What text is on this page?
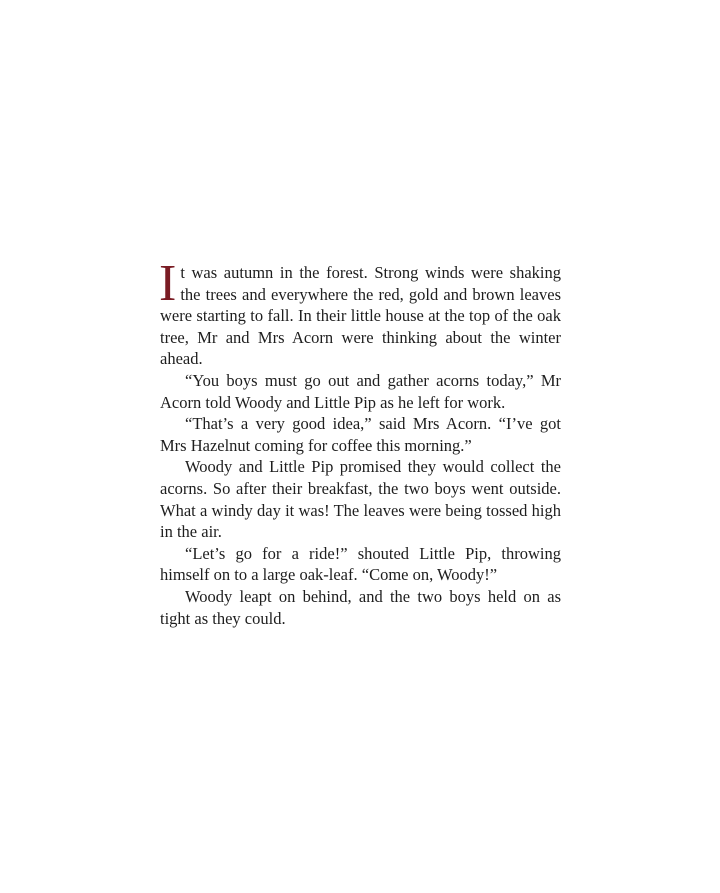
It was autumn in the forest. Strong winds were shaking the trees and everywhere the red, gold and brown leaves were starting to fall. In their little house at the top of the oak tree, Mr and Mrs Acorn were thinking about the winter ahead.

“You boys must go out and gather acorns today,” Mr Acorn told Woody and Little Pip as he left for work.

“That’s a very good idea,” said Mrs Acorn. “I’ve got Mrs Hazelnut coming for coffee this morning.”

Woody and Little Pip promised they would collect the acorns. So after their breakfast, the two boys went outside. What a windy day it was! The leaves were being tossed high in the air.

“Let’s go for a ride!” shouted Little Pip, throwing himself on to a large oak-leaf. “Come on, Woody!”

Woody leapt on behind, and the two boys held on as tight as they could.
